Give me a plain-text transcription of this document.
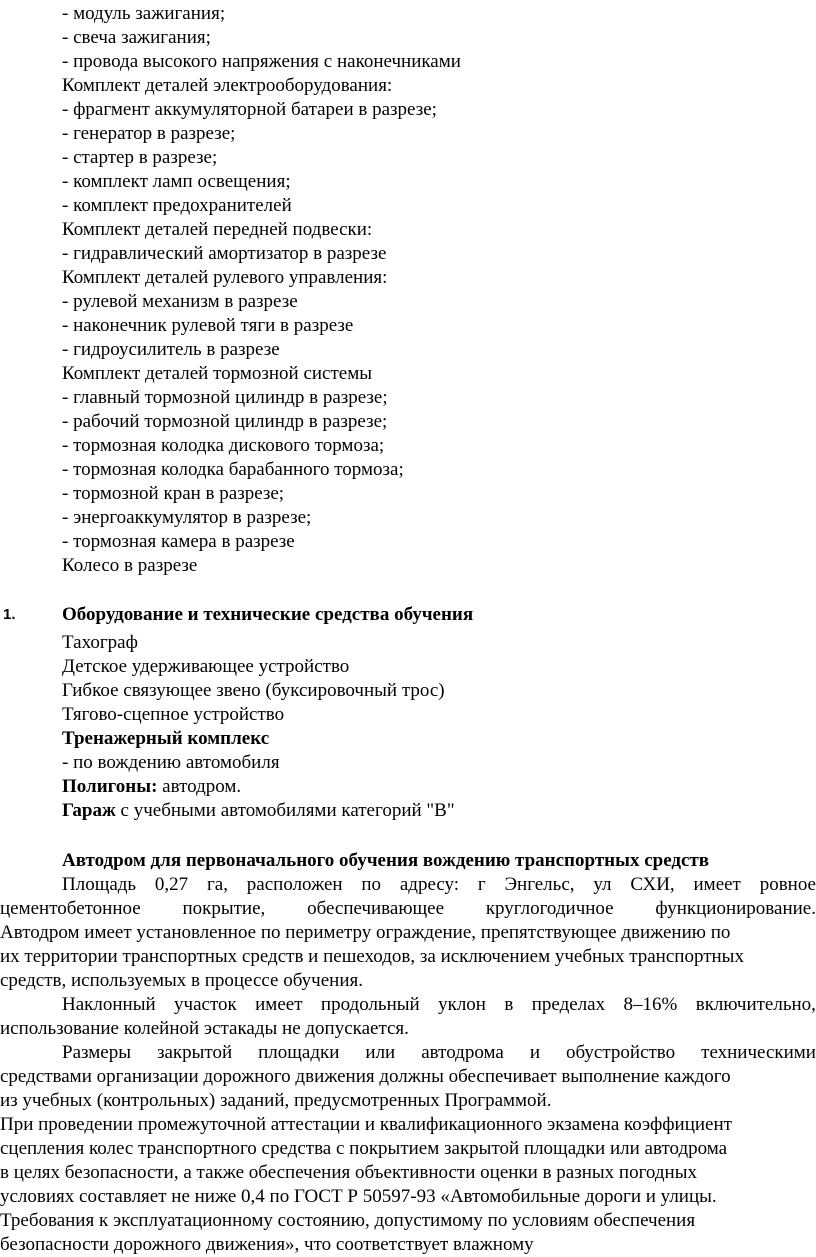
- модуль зажигания;
- свеча зажигания;
- провода высокого напряжения с наконечниками
Комплект деталей электрооборудования:
- фрагмент аккумуляторной батареи в разрезе;
- генератор в разрезе;
- стартер в разрезе;
- комплект ламп освещения;
- комплект предохранителей
Комплект деталей передней подвески:
- гидравлический амортизатор в разрезе
Комплект деталей рулевого управления:
- рулевой механизм в разрезе
- наконечник рулевой тяги в разрезе
- гидроусилитель в разрезе
Комплект деталей тормозной системы
- главный тормозной цилиндр в разрезе;
- рабочий тормозной цилиндр в разрезе;
- тормозная колодка дискового тормоза;
- тормозная колодка барабанного тормоза;
- тормозной кран в разрезе;
- энергоаккумулятор в разрезе;
- тормозная камера в разрезе
Колесо в разрезе
1. Оборудование и технические средства обучения
Тахограф
Детское удерживающее устройство
Гибкое связующее звено (буксировочный трос)
Тягово-сцепное устройство
Тренажерный комплекс
- по вождению автомобиля
Полигоны: автодром.
Гараж с учебными автомобилями категорий "В"
Автодром для первоначального обучения вождению транспортных средств
Площадь 0,27 га, расположен по адресу: г Энгельс, ул СХИ, имеет ровное
цементобетонное покрытие, обеспечивающее круглогодичное функционирование.
Автодром имеет установленное по периметру ограждение, препятствующее движению по
их территории транспортных средств и пешеходов, за исключением учебных транспортных
средств, используемых в процессе обучения.
Наклонный участок имеет продольный уклон в пределах 8–16% включительно,
использование колейной эстакады не допускается.
Размеры закрытой площадки или автодрома и обустройство техническими
средствами организации дорожного движения должны обеспечивает выполнение каждого
из учебных (контрольных) заданий, предусмотренных Программой.
При проведении промежуточной аттестации и квалификационного экзамена коэффициент
сцепления колес транспортного средства с покрытием закрытой площадки или автодрома
в целях безопасности, а также обеспечения объективности оценки в разных погодных
условиях составляет не ниже 0,4 по ГОСТ Р 50597-93 «Автомобильные дороги и улицы.
Требования к эксплуатационному состоянию, допустимому по условиям обеспечения
безопасности дорожного движения», что соответствует влажному
